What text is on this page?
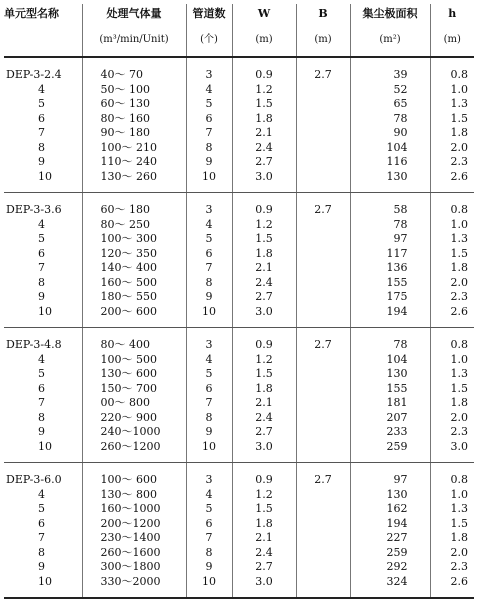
单元型名称	处理气体量	管道数	W	B	集尘极面积	h
	(m³/min/Unit)	(个)	(m)	(m)	(m²)	(m)
DEP-3-2.4	40～ 70	3	0.9	2.7	39	0.8
4	50～ 100	4	1.2		52	1.0
5	60～ 130	5	1.5		65	1.3
6	80～ 160	6	1.8		78	1.5
7	90～ 180	7	2.1		90	1.8
8	100～ 210	8	2.4		104	2.0
9	110～ 240	9	2.7		116	2.3
10	130～ 260	10	3.0		130	2.6
DEP-3-3.6	60～ 180	3	0.9	2.7	58	0.8
4	80～ 250	4	1.2		78	1.0
5	100～ 300	5	1.5		97	1.3
6	120～ 350	6	1.8		117	1.5
7	140～ 400	7	2.1		136	1.8
8	160～ 500	8	2.4		155	2.0
9	180～ 550	9	2.7		175	2.3
10	200～ 600	10	3.0		194	2.6
DEP-3-4.8	80～ 400	3	0.9	2.7	78	0.8
4	100～ 500	4	1.2		104	1.0
5	130～ 600	5	1.5		130	1.3
6	150～ 700	6	1.8		155	1.5
7	00～ 800	7	2.1		181	1.8
8	220～ 900	8	2.4		207	2.0
9	240～1000	9	2.7		233	2.3
10	260～1200	10	3.0		259	3.0
DEP-3-6.0	100～ 600	3	0.9	2.7	97	0.8
4	130～ 800	4	1.2		130	1.0
5	160～1000	5	1.5		162	1.3
6	200～1200	6	1.8		194	1.5
7	230～1400	7	2.1		227	1.8
8	260～1600	8	2.4		259	2.0
9	300～1800	9	2.7		292	2.3
10	330～2000	10	3.0		324	2.6
